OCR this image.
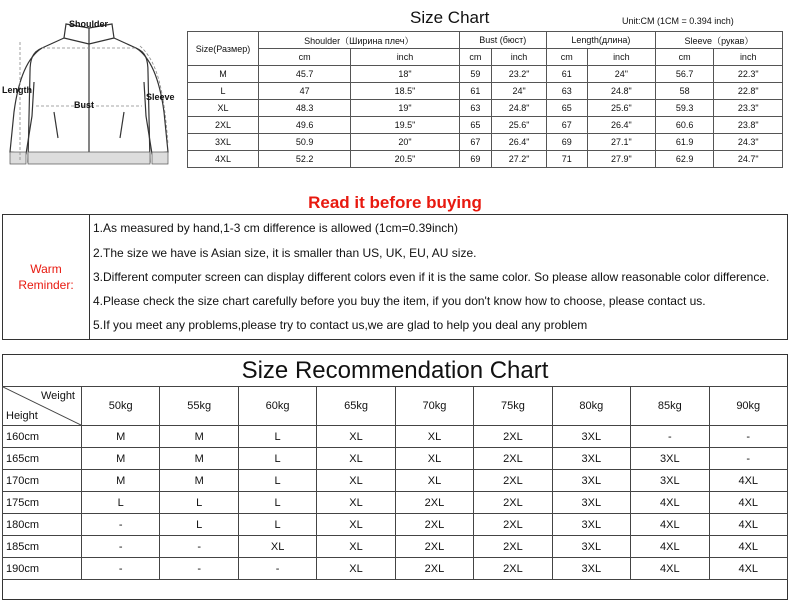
Shoulder
Length
Bust
Sleeve
Size Chart	Unit:CM (1CM = 0.394 inch)
Size(Размер)	Shoulder（Ширина плеч）		Bust (бюст)		Length(длина)		Sleeve（рукав）	
	cm	inch	cm	inch	cm	inch	cm	inch
M	45.7	18"	59	23.2"	61	24"	56.7	22.3"
L	47	18.5"	61	24"	63	24.8"	58	22.8"
XL	48.3	19"	63	24.8"	65	25.6"	59.3	23.3"
2XL	49.6	19.5"	65	25.6"	67	26.4"	60.6	23.8"
3XL	50.9	20"	67	26.4"	69	27.1"	61.9	24.3"
4XL	52.2	20.5"	69	27.2"	71	27.9"	62.9	24.7"
Read it before buying
Warm
Reminder:
1.As measured by hand,1-3 cm difference is allowed (1cm=0.39inch)
2.The size we have is Asian size, it is smaller than US, UK, EU, AU size.
3.Different computer screen can display different colors even if it is the same color. So please allow reasonable color difference.
4.Please check the size chart carefully before you buy the item, if you don't know how to choose, please contact us.
5.If you meet any problems,please try to contact us,we are glad to help you deal any problem
Size Recommendation Chart
Weight
Height	50kg	55kg	60kg	65kg	70kg	75kg	80kg	85kg	90kg
160cm	M	M	L	XL	XL	2XL	3XL	-	-
165cm	M	M	L	XL	XL	2XL	3XL	3XL	-
170cm	M	M	L	XL	XL	2XL	3XL	3XL	4XL
175cm	L	L	L	XL	2XL	2XL	3XL	4XL	4XL
180cm	-	L	L	XL	2XL	2XL	3XL	4XL	4XL
185cm	-	-	XL	XL	2XL	2XL	3XL	4XL	4XL
190cm	-	-	-	XL	2XL	2XL	3XL	4XL	4XL
